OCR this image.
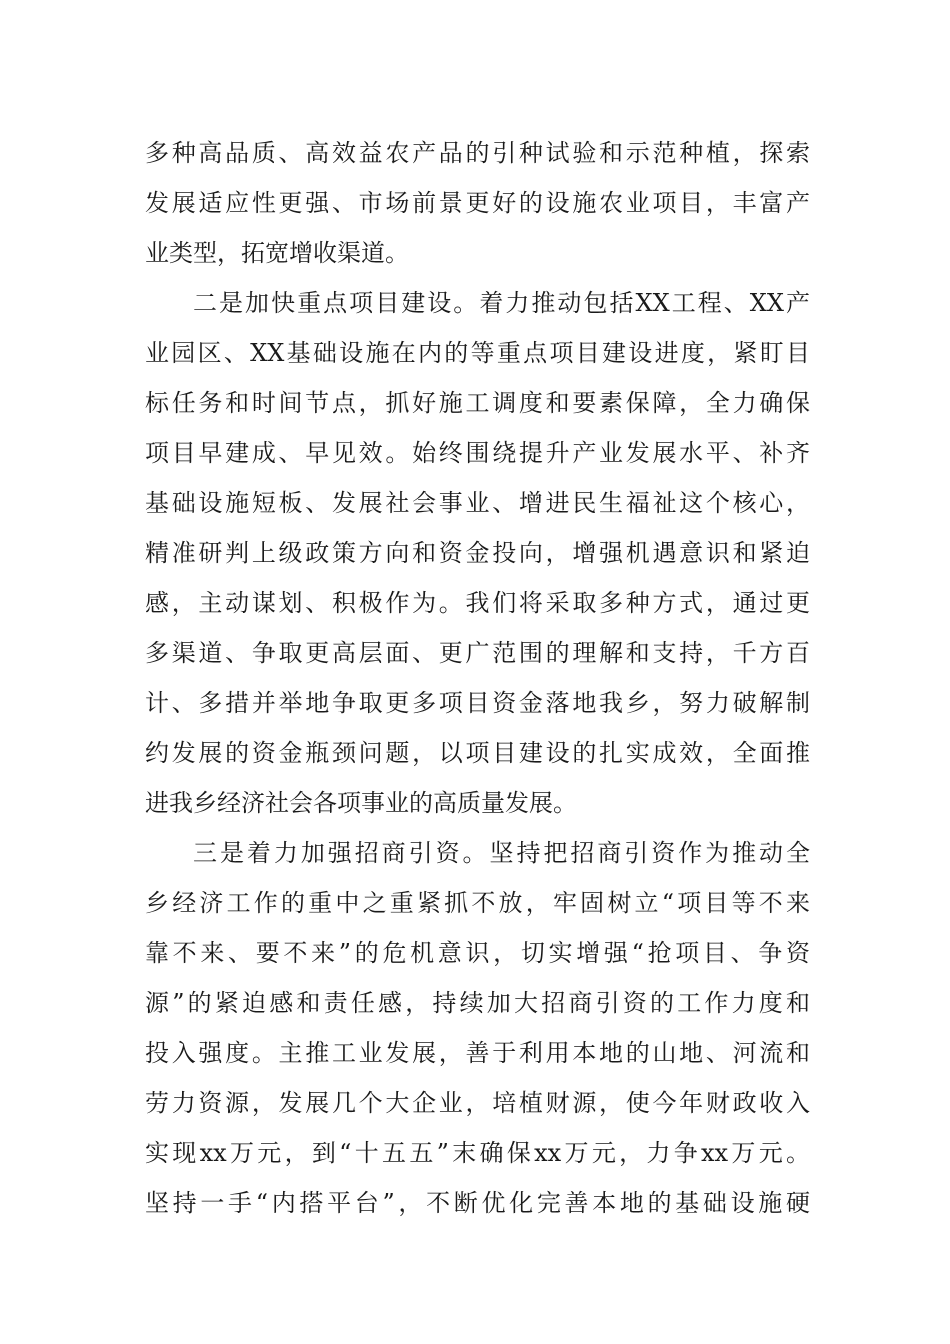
多种高品质、高效益农产品的引种试验和示范种植，探索
发展适应性更强、市场前景更好的设施农业项目，丰富产
业类型，拓宽增收渠道。
二是加快重点项目建设。着力推动包括XX工程、XX产
业园区、XX基础设施在内的等重点项目建设进度，紧盯目
标任务和时间节点，抓好施工调度和要素保障，全力确保
项目早建成、早见效。始终围绕提升产业发展水平、补齐
基础设施短板、发展社会事业、增进民生福祉这个核心，
精准研判上级政策方向和资金投向，增强机遇意识和紧迫
感，主动谋划、积极作为。我们将采取多种方式，通过更
多渠道、争取更高层面、更广范围的理解和支持，千方百
计、多措并举地争取更多项目资金落地我乡，努力破解制
约发展的资金瓶颈问题，以项目建设的扎实成效，全面推
进我乡经济社会各项事业的高质量发展。
三是着力加强招商引资。坚持把招商引资作为推动全
乡经济工作的重中之重紧抓不放，牢固树立“项目等不来
靠不来、要不来”的危机意识，切实增强“抢项目、争资
源”的紧迫感和责任感，持续加大招商引资的工作力度和
投入强度。主推工业发展，善于利用本地的山地、河流和
劳力资源，发展几个大企业，培植财源，使今年财政收入
实现xx万元，到“十五五”末确保xx万元，力争xx万元。
坚持一手“内搭平台”，不断优化完善本地的基础设施硬
